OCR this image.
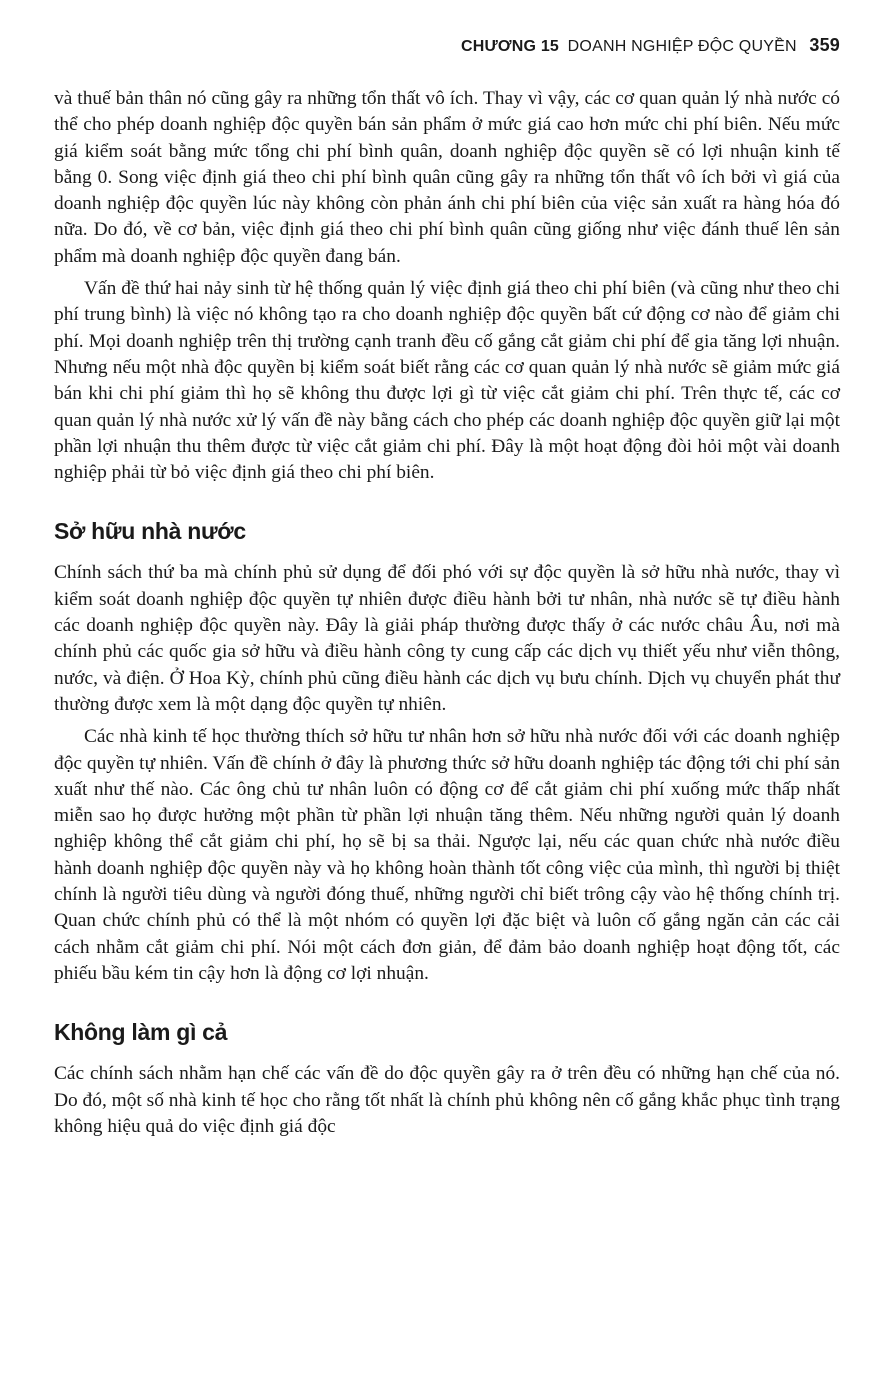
CHƯƠNG 15 DOANH NGHIỆP ĐỘC QUYỀN 359

và thuế bản thân nó cũng gây ra những tổn thất vô ích. Thay vì vậy, các cơ quan quản lý nhà nước có thể cho phép doanh nghiệp độc quyền bán sản phẩm ở mức giá cao hơn mức chi phí biên. Nếu mức giá kiểm soát bằng mức tổng chi phí bình quân, doanh nghiệp độc quyền sẽ có lợi nhuận kinh tế bằng 0. Song việc định giá theo chi phí bình quân cũng gây ra những tổn thất vô ích bởi vì giá của doanh nghiệp độc quyền lúc này không còn phản ánh chi phí biên của việc sản xuất ra hàng hóa đó nữa. Do đó, về cơ bản, việc định giá theo chi phí bình quân cũng giống như việc đánh thuế lên sản phẩm mà doanh nghiệp độc quyền đang bán.

Vấn đề thứ hai nảy sinh từ hệ thống quản lý việc định giá theo chi phí biên (và cũng như theo chi phí trung bình) là việc nó không tạo ra cho doanh nghiệp độc quyền bất cứ động cơ nào để giảm chi phí. Mọi doanh nghiệp trên thị trường cạnh tranh đều cố gắng cắt giảm chi phí để gia tăng lợi nhuận. Nhưng nếu một nhà độc quyền bị kiểm soát biết rằng các cơ quan quản lý nhà nước sẽ giảm mức giá bán khi chi phí giảm thì họ sẽ không thu được lợi gì từ việc cắt giảm chi phí. Trên thực tế, các cơ quan quản lý nhà nước xử lý vấn đề này bằng cách cho phép các doanh nghiệp độc quyền giữ lại một phần lợi nhuận thu thêm được từ việc cắt giảm chi phí. Đây là một hoạt động đòi hỏi một vài doanh nghiệp phải từ bỏ việc định giá theo chi phí biên.

Sở hữu nhà nước

Chính sách thứ ba mà chính phủ sử dụng để đối phó với sự độc quyền là sở hữu nhà nước, thay vì kiểm soát doanh nghiệp độc quyền tự nhiên được điều hành bởi tư nhân, nhà nước sẽ tự điều hành các doanh nghiệp độc quyền này. Đây là giải pháp thường được thấy ở các nước châu Âu, nơi mà chính phủ các quốc gia sở hữu và điều hành công ty cung cấp các dịch vụ thiết yếu như viễn thông, nước, và điện. Ở Hoa Kỳ, chính phủ cũng điều hành các dịch vụ bưu chính. Dịch vụ chuyển phát thư thường được xem là một dạng độc quyền tự nhiên.

Các nhà kinh tế học thường thích sở hữu tư nhân hơn sở hữu nhà nước đối với các doanh nghiệp độc quyền tự nhiên. Vấn đề chính ở đây là phương thức sở hữu doanh nghiệp tác động tới chi phí sản xuất như thế nào. Các ông chủ tư nhân luôn có động cơ để cắt giảm chi phí xuống mức thấp nhất miễn sao họ được hưởng một phần từ phần lợi nhuận tăng thêm. Nếu những người quản lý doanh nghiệp không thể cắt giảm chi phí, họ sẽ bị sa thải. Ngược lại, nếu các quan chức nhà nước điều hành doanh nghiệp độc quyền này và họ không hoàn thành tốt công việc của mình, thì người bị thiệt chính là người tiêu dùng và người đóng thuế, những người chỉ biết trông cậy vào hệ thống chính trị. Quan chức chính phủ có thể là một nhóm có quyền lợi đặc biệt và luôn cố gắng ngăn cản các cải cách nhằm cắt giảm chi phí. Nói một cách đơn giản, để đảm bảo doanh nghiệp hoạt động tốt, các phiếu bầu kém tin cậy hơn là động cơ lợi nhuận.

Không làm gì cả

Các chính sách nhằm hạn chế các vấn đề do độc quyền gây ra ở trên đều có những hạn chế của nó. Do đó, một số nhà kinh tế học cho rằng tốt nhất là chính phủ không nên cố gắng khắc phục tình trạng không hiệu quả do việc định giá độc
